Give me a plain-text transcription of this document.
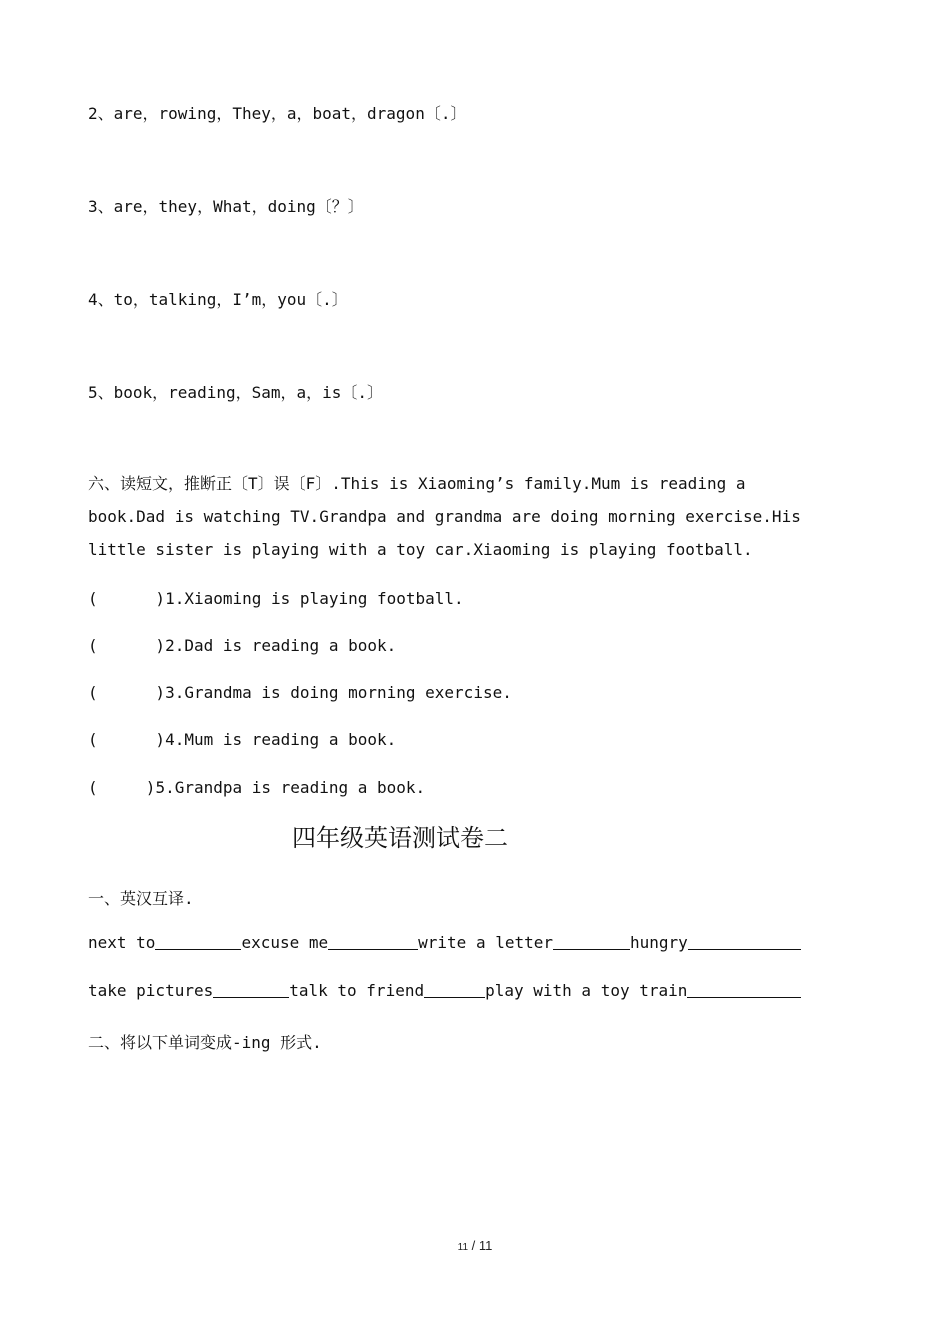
2、are，rowing，They，a，boat，dragon〔.〕
3、are，they，What，doing〔？〕
4、to，talking，I’m，you〔.〕
5、book，reading，Sam，a，is〔.〕
六、读短文，推断正〔T〕误〔F〕.This is Xiaoming’s family.Mum is reading a book.Dad is watching TV.Grandpa and grandma are doing morning exercise.His little sister is playing with a toy car.Xiaoming is playing football.
(      )1.Xiaoming is playing football.
(      )2.Dad is reading a book.
(      )3.Grandma is doing morning exercise.
(      )4.Mum is reading a book.
(     )5.Grandpa is reading a book.
四年级英语测试卷二
一、英汉互译.
next to	excuse me	write a letter	hungry
take pictures	talk to friend	play with a toy train
二、将以下单词变成-ing 形式.
11 / 11
